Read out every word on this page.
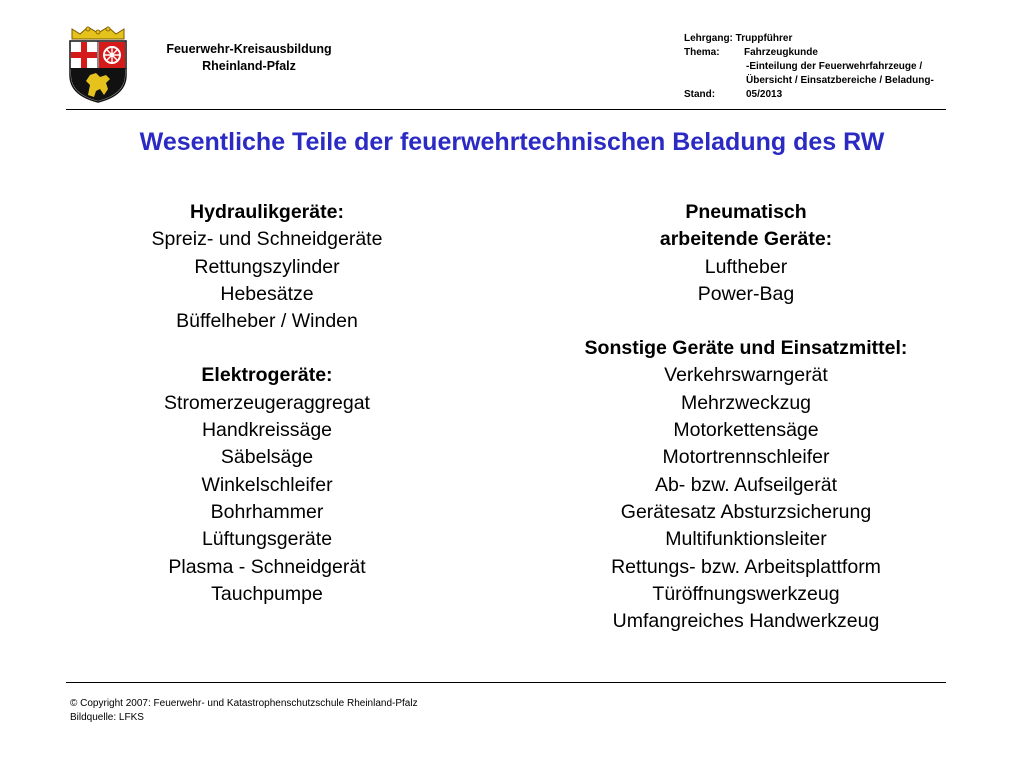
Feuerwehr-Kreisausbildung
Rheinland-Pfalz
Lehrgang: Truppführer
Thema:	Fahrzeugkunde
-Einteilung der Feuerwehrfahrzeuge /
Übersicht / Einsatzbereiche / Beladung-
Stand:	05/2013
Wesentliche Teile der feuerwehrtechnischen Beladung des RW
Hydraulikgeräte:
Spreiz- und Schneidgeräte
Rettungszylinder
Hebesätze
Büffelheber / Winden
Elektrogeräte:
Stromerzeugeraggregat
Handkreissäge
Säbelsäge
Winkelschleifer
Bohrhammer
Lüftungsgeräte
Plasma - Schneidgerät
Tauchpumpe
Pneumatisch
arbeitende Geräte:
Luftheber
Power-Bag
Sonstige Geräte und Einsatzmittel:
Verkehrswarngerät
Mehrzweckzug
Motorkettensäge
Motortrennschleifer
Ab- bzw. Aufseilgerät
Gerätesatz Absturzsicherung
Multifunktionsleiter
Rettungs- bzw. Arbeitsplattform
Türöffnungswerkzeug
Umfangreiches Handwerkzeug
© Copyright 2007: Feuerwehr- und Katastrophenschutzschule Rheinland-Pfalz
Bildquelle: LFKS
